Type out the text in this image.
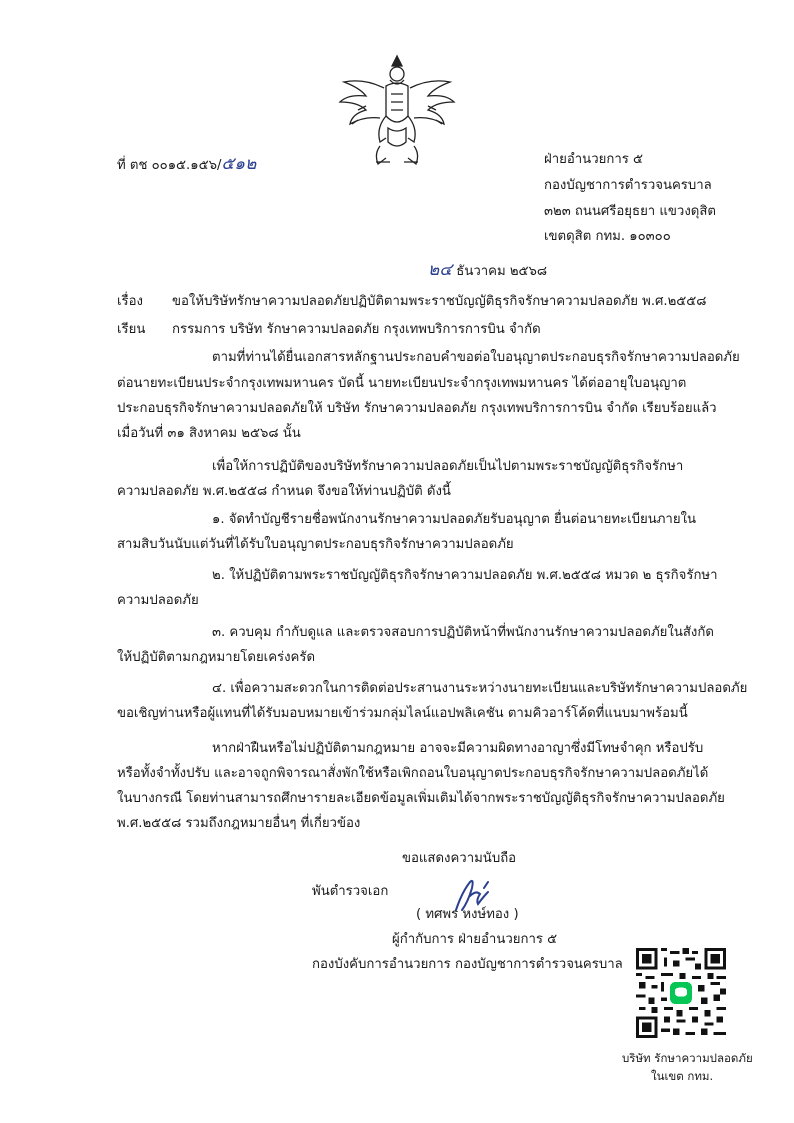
ที่ ตช ๐๐๑๕.๑๕๖/๕๑๒	ฝ่ายอำนวยการ ๕
กองบัญชาการตำรวจนครบาล
๓๒๓ ถนนศรีอยุธยา แขวงดุสิต
เขตดุสิต กทม. ๑๐๓๐๐
๒๔ ธันวาคม ๒๕๖๘
เรื่อง ขอให้บริษัทรักษาความปลอดภัยปฏิบัติตามพระราชบัญญัติธุรกิจรักษาความปลอดภัย พ.ศ.๒๕๕๘
เรียน กรรมการ บริษัท รักษาความปลอดภัย กรุงเทพบริการการบิน จำกัด
ตามที่ท่านได้ยื่นเอกสารหลักฐานประกอบคำขอต่อใบอนุญาตประกอบธุรกิจรักษาความปลอดภัย
ต่อนายทะเบียนประจำกรุงเทพมหานคร บัดนี้ นายทะเบียนประจำกรุงเทพมหานคร ได้ต่ออายุใบอนุญาต
ประกอบธุรกิจรักษาความปลอดภัยให้ บริษัท รักษาความปลอดภัย กรุงเทพบริการการบิน จำกัด เรียบร้อยแล้ว
เมื่อวันที่ ๓๑ สิงหาคม ๒๕๖๘ นั้น
เพื่อให้การปฏิบัติของบริษัทรักษาความปลอดภัยเป็นไปตามพระราชบัญญัติธุรกิจรักษา
ความปลอดภัย พ.ศ.๒๕๕๘ กำหนด จึงขอให้ท่านปฏิบัติ ดังนี้
๑. จัดทำบัญชีรายชื่อพนักงานรักษาความปลอดภัยรับอนุญาต ยื่นต่อนายทะเบียนภายใน
สามสิบวันนับแต่วันที่ได้รับใบอนุญาตประกอบธุรกิจรักษาความปลอดภัย
๒. ให้ปฏิบัติตามพระราชบัญญัติธุรกิจรักษาความปลอดภัย พ.ศ.๒๕๕๘ หมวด ๒ ธุรกิจรักษา
ความปลอดภัย
๓. ควบคุม กำกับดูแล และตรวจสอบการปฏิบัติหน้าที่พนักงานรักษาความปลอดภัยในสังกัด
ให้ปฏิบัติตามกฎหมายโดยเคร่งครัด
๔. เพื่อความสะดวกในการติดต่อประสานงานระหว่างนายทะเบียนและบริษัทรักษาความปลอดภัย
ขอเชิญท่านหรือผู้แทนที่ได้รับมอบหมายเข้าร่วมกลุ่มไลน์แอปพลิเคชัน ตามคิวอาร์โค้ดที่แนบมาพร้อมนี้
หากฝ่าฝืนหรือไม่ปฏิบัติตามกฎหมาย อาจจะมีความผิดทางอาญาซึ่งมีโทษจำคุก หรือปรับ
หรือทั้งจำทั้งปรับ และอาจถูกพิจารณาสั่งพักใช้หรือเพิกถอนใบอนุญาตประกอบธุรกิจรักษาความปลอดภัยได้
ในบางกรณี โดยท่านสามารถศึกษารายละเอียดข้อมูลเพิ่มเติมได้จากพระราชบัญญัติธุรกิจรักษาความปลอดภัย
พ.ศ.๒๕๕๘ รวมถึงกฎหมายอื่นๆ ที่เกี่ยวข้อง
ขอแสดงความนับถือ
พันตำรวจเอก
( ทศพร หงษ์ทอง )
ผู้กำกับการ ฝ่ายอำนวยการ ๕
กองบังคับการอำนวยการ กองบัญชาการตำรวจนครบาล
บริษัท รักษาความปลอดภัย
ในเขต กทม.
